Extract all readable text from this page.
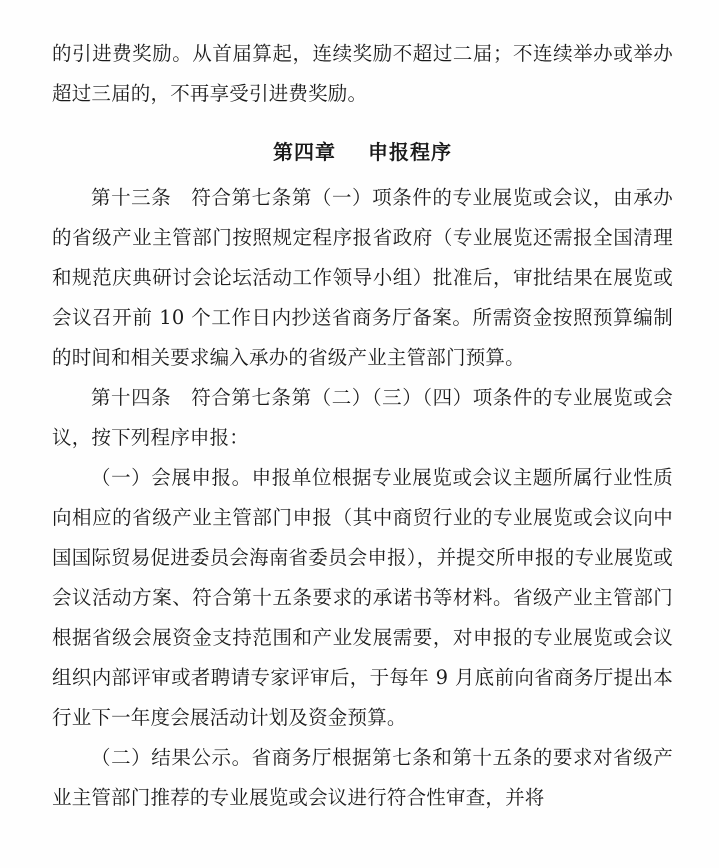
的引进费奖励。从首届算起，连续奖励不超过二届；不连续举办或举办超过三届的，不再享受引进费奖励。

第四章 申报程序

第十三条　符合第七条第（一）项条件的专业展览或会议，由承办的省级产业主管部门按照规定程序报省政府（专业展览还需报全国清理和规范庆典研讨会论坛活动工作领导小组）批准后，审批结果在展览或会议召开前 10 个工作日内抄送省商务厅备案。所需资金按照预算编制的时间和相关要求编入承办的省级产业主管部门预算。

第十四条　符合第七条第（二）（三）（四）项条件的专业展览或会议，按下列程序申报：

（一）会展申报。申报单位根据专业展览或会议主题所属行业性质向相应的省级产业主管部门申报（其中商贸行业的专业展览或会议向中国国际贸易促进委员会海南省委员会申报），并提交所申报的专业展览或会议活动方案、符合第十五条要求的承诺书等材料。省级产业主管部门根据省级会展资金支持范围和产业发展需要，对申报的专业展览或会议组织内部评审或者聘请专家评审后，于每年 9 月底前向省商务厅提出本行业下一年度会展活动计划及资金预算。

（二）结果公示。省商务厅根据第七条和第十五条的要求对省级产业主管部门推荐的专业展览或会议进行符合性审查，并将
